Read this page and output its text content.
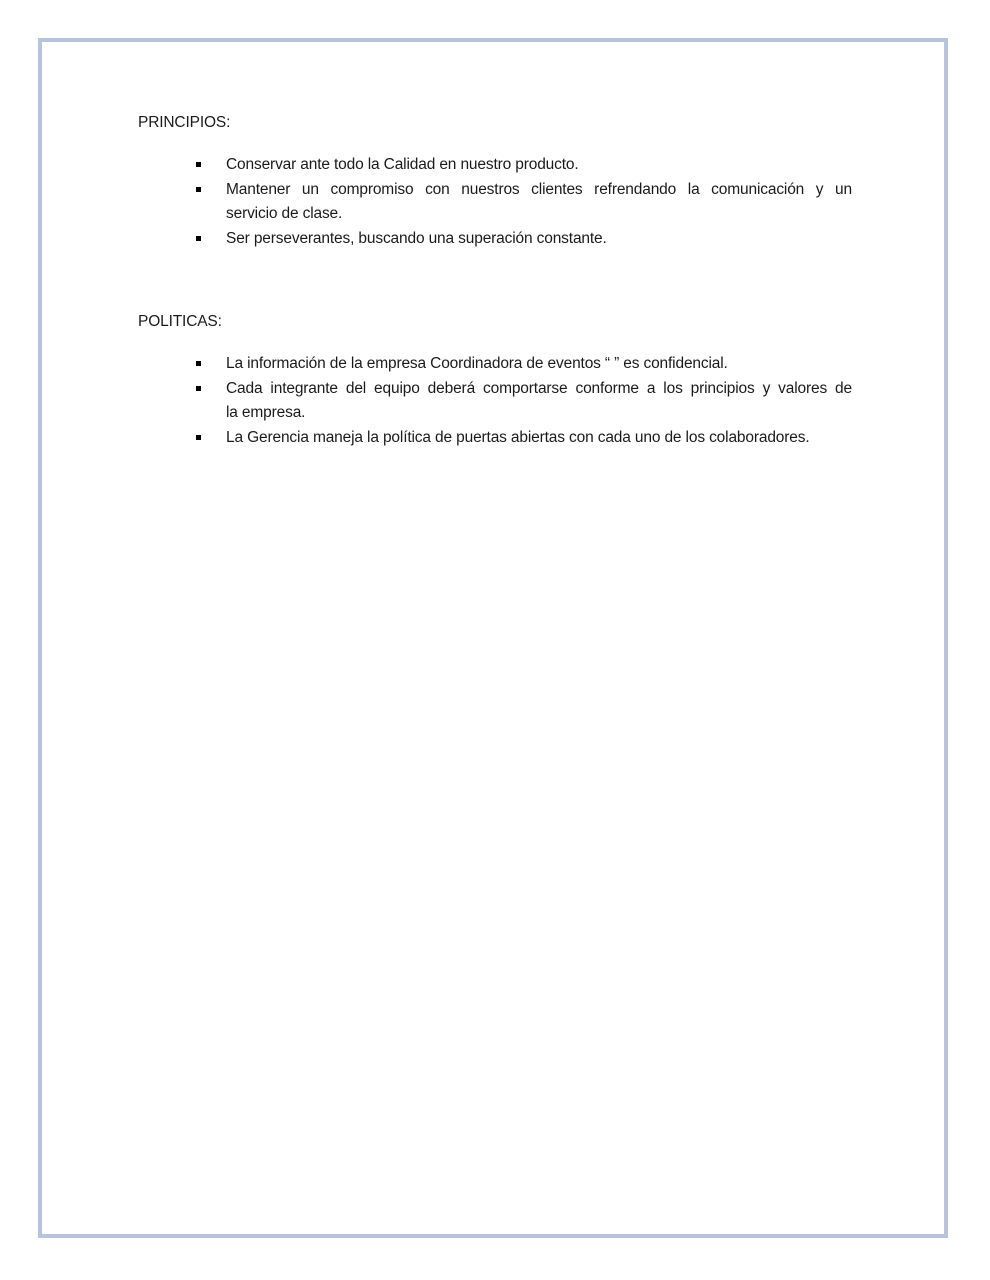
PRINCIPIOS:
Conservar ante todo la Calidad en nuestro producto.
Mantener un compromiso con nuestros clientes refrendando la comunicación y un
servicio de clase.
Ser perseverantes, buscando una superación constante.
POLITICAS:
La información de la empresa Coordinadora de eventos “ ” es confidencial.
Cada integrante del equipo deberá comportarse conforme a los principios y valores de
la empresa.
La Gerencia maneja la política de puertas abiertas con cada uno de los colaboradores.
